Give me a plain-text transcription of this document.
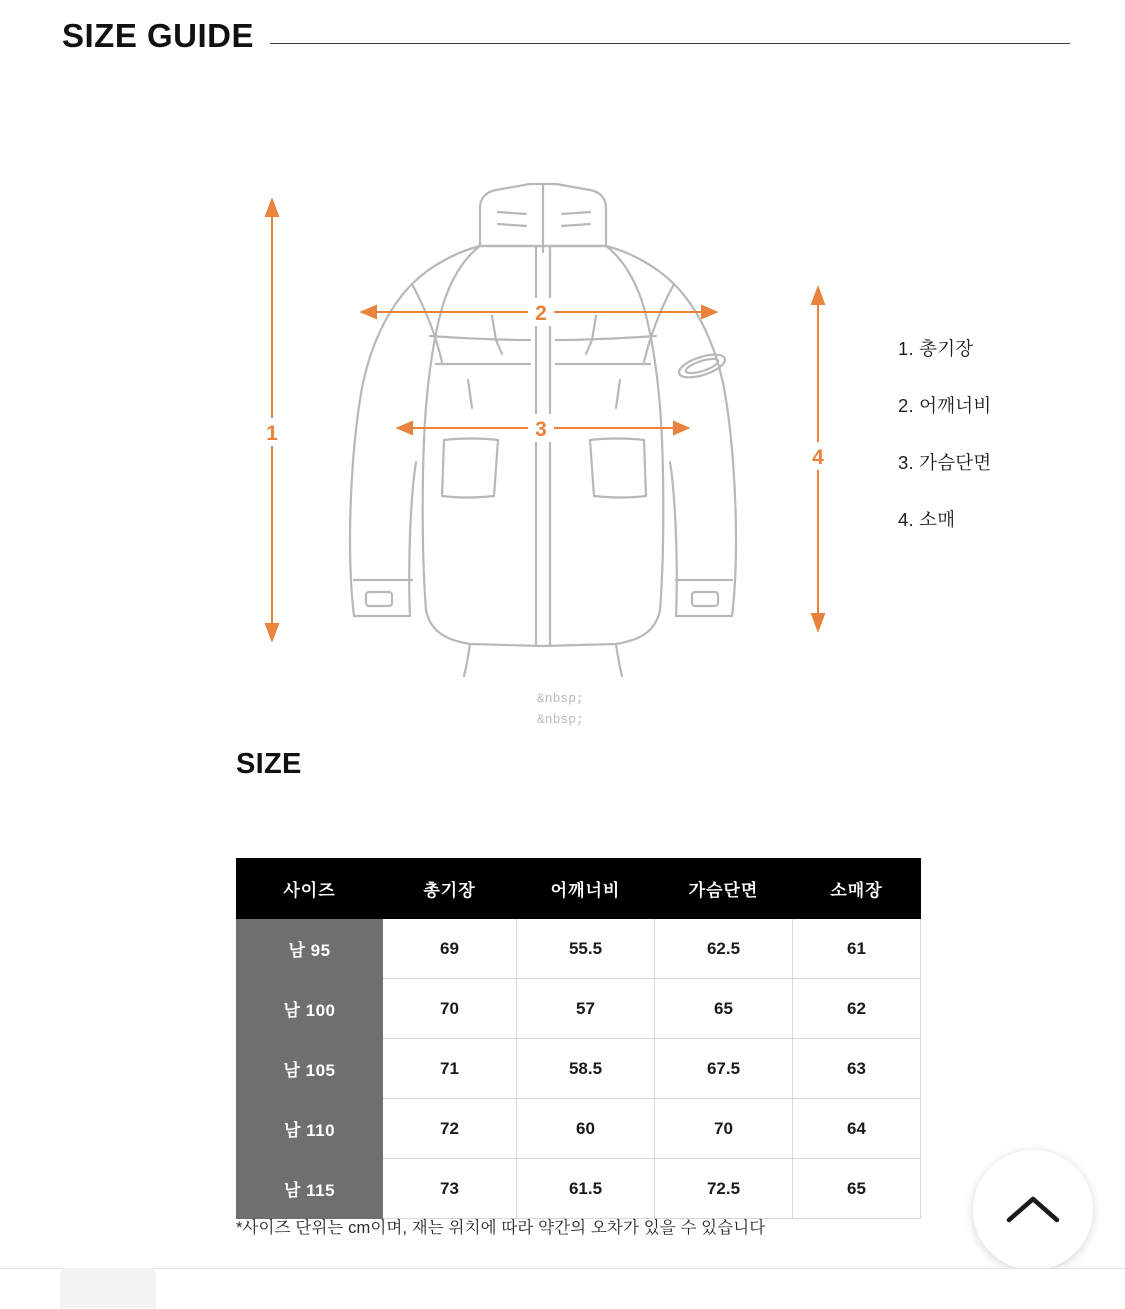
SIZE GUIDE
1
2
3
4
1. 총기장
2. 어깨너비
3. 가슴단면
4. 소매
&nbsp;
&nbsp;
SIZE
사이즈	총기장	어깨너비	가슴단면	소매장
남 95	69	55.5	62.5	61
남 100	70	57	65	62
남 105	71	58.5	67.5	63
남 110	72	60	70	64
남 115	73	61.5	72.5	65
*사이즈 단위는 cm이며, 재는 위치에 따라 약간의 오차가 있을 수 있습니다
